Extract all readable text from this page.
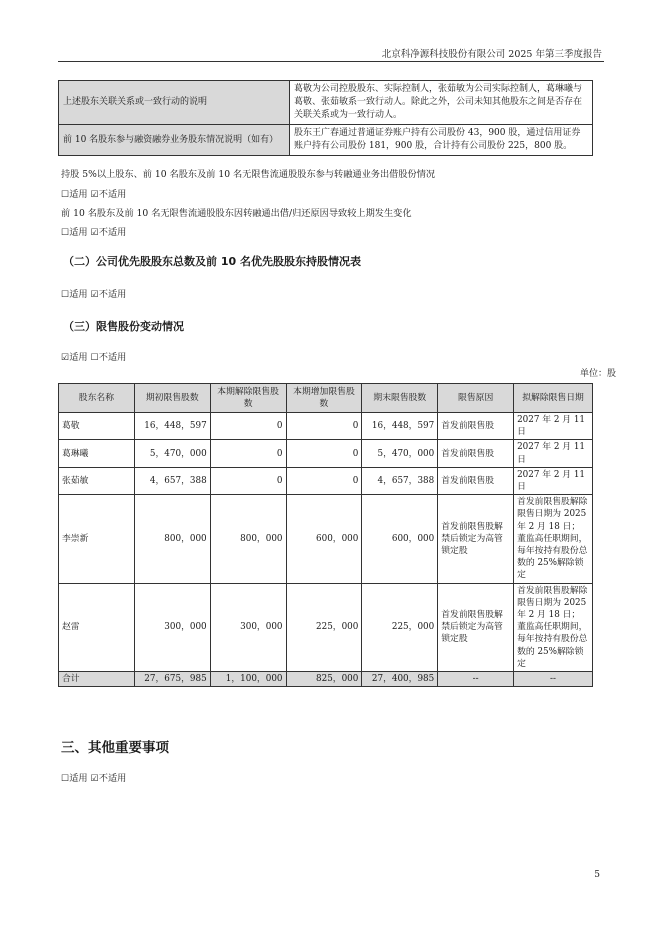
北京科净源科技股份有限公司 2025 年第三季度报告
上述股东关联关系或一致行动的说明	葛敬为公司控股股东、实际控制人，张茹敏为公司实际控制人，葛琳曦与葛敬、张茹敏系一致行动人。除此之外，公司未知其他股东之间是否存在关联关系或为一致行动人。
前 10 名股东参与融资融券业务股东情况说明（如有）	股东王广春通过普通证券账户持有公司股份 43，900 股，通过信用证券账户持有公司股份 181，900 股，合计持有公司股份 225，800 股。
持股 5%以上股东、前 10 名股东及前 10 名无限售流通股股东参与转融通业务出借股份情况
☐适用 ☑不适用
前 10 名股东及前 10 名无限售流通股股东因转融通出借/归还原因导致较上期发生变化
☐适用 ☑不适用
（二）公司优先股股东总数及前 10 名优先股股东持股情况表
☐适用 ☑不适用
（三）限售股份变动情况
☑适用 ☐不适用
单位：股
股东名称	期初限售股数	本期解除限售股数	本期增加限售股数	期末限售股数	限售原因	拟解除限售日期
葛敬	16，448，597	0	0	16，448，597	首发前限售股	2027 年 2 月 11 日
葛琳曦	5，470，000	0	0	5，470，000	首发前限售股	2027 年 2 月 11 日
张茹敏	4，657，388	0	0	4，657，388	首发前限售股	2027 年 2 月 11 日
李崇新	800，000	800，000	600，000	600，000	首发前限售股解禁后锁定为高管锁定股	首发前限售股解除限售日期为 2025 年 2 月 18 日；董监高任职期间，每年按持有股份总数的 25%解除锁定
赵雷	300，000	300，000	225，000	225，000	首发前限售股解禁后锁定为高管锁定股	首发前限售股解除限售日期为 2025 年 2 月 18 日；董监高任职期间，每年按持有股份总数的 25%解除锁定
合计	27，675，985	1，100，000	825，000	27，400，985	--	--
三、其他重要事项
☐适用 ☑不适用
5
